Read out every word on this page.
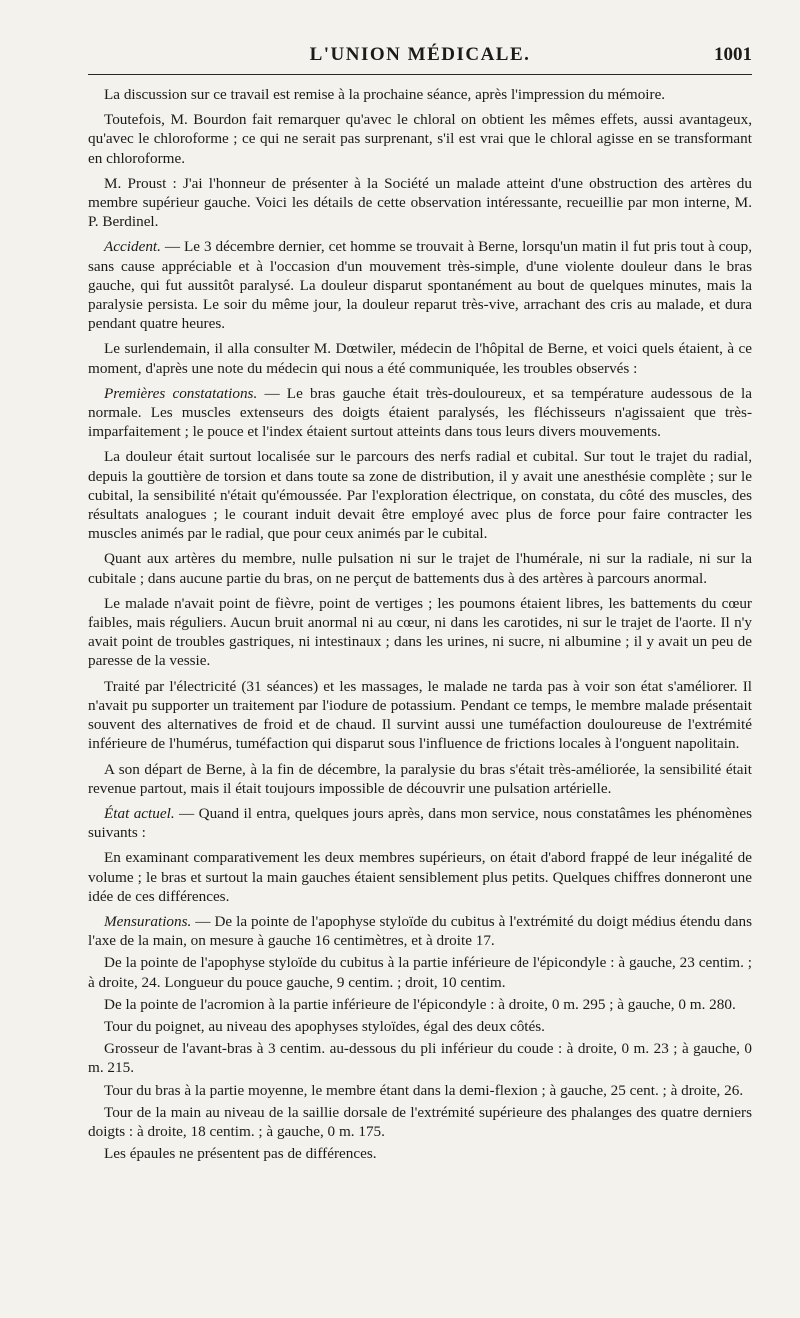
L'UNION MÉDICALE.	1001

La discussion sur ce travail est remise à la prochaine séance, après l'impression du mémoire.

Toutefois, M. Bourdon fait remarquer qu'avec le chloral on obtient les mêmes effets, aussi avantageux, qu'avec le chloroforme ; ce qui ne serait pas surprenant, s'il est vrai que le chloral agisse en se transformant en chloroforme.

M. Proust : J'ai l'honneur de présenter à la Société un malade atteint d'une obstruction des artères du membre supérieur gauche. Voici les détails de cette observation intéressante, recueillie par mon interne, M. P. Berdinel.

Accident. — Le 3 décembre dernier, cet homme se trouvait à Berne, lorsqu'un matin il fut pris tout à coup, sans cause appréciable et à l'occasion d'un mouvement très-simple, d'une violente douleur dans le bras gauche, qui fut aussitôt paralysé. La douleur disparut spontanément au bout de quelques minutes, mais la paralysie persista. Le soir du même jour, la douleur reparut très-vive, arrachant des cris au malade, et dura pendant quatre heures.

Le surlendemain, il alla consulter M. Dœtwiler, médecin de l'hôpital de Berne, et voici quels étaient, à ce moment, d'après une note du médecin qui nous a été communiquée, les troubles observés :

Premières constatations. — Le bras gauche était très-douloureux, et sa température audessous de la normale. Les muscles extenseurs des doigts étaient paralysés, les fléchisseurs n'agissaient que très-imparfaitement ; le pouce et l'index étaient surtout atteints dans tous leurs divers mouvements.

La douleur était surtout localisée sur le parcours des nerfs radial et cubital. Sur tout le trajet du radial, depuis la gouttière de torsion et dans toute sa zone de distribution, il y avait une anesthésie complète ; sur le cubital, la sensibilité n'était qu'émoussée. Par l'exploration électrique, on constata, du côté des muscles, des résultats analogues ; le courant induit devait être employé avec plus de force pour faire contracter les muscles animés par le radial, que pour ceux animés par le cubital.

Quant aux artères du membre, nulle pulsation ni sur le trajet de l'humérale, ni sur la radiale, ni sur la cubitale ; dans aucune partie du bras, on ne perçut de battements dus à des artères à parcours anormal.

Le malade n'avait point de fièvre, point de vertiges ; les poumons étaient libres, les battements du cœur faibles, mais réguliers. Aucun bruit anormal ni au cœur, ni dans les carotides, ni sur le trajet de l'aorte. Il n'y avait point de troubles gastriques, ni intestinaux ; dans les urines, ni sucre, ni albumine ; il y avait un peu de paresse de la vessie.

Traité par l'électricité (31 séances) et les massages, le malade ne tarda pas à voir son état s'améliorer. Il n'avait pu supporter un traitement par l'iodure de potassium. Pendant ce temps, le membre malade présentait souvent des alternatives de froid et de chaud. Il survint aussi une tuméfaction douloureuse de l'extrémité inférieure de l'humérus, tuméfaction qui disparut sous l'influence de frictions locales à l'onguent napolitain.

A son départ de Berne, à la fin de décembre, la paralysie du bras s'était très-améliorée, la sensibilité était revenue partout, mais il était toujours impossible de découvrir une pulsation artérielle.

État actuel. — Quand il entra, quelques jours après, dans mon service, nous constatâmes les phénomènes suivants :

En examinant comparativement les deux membres supérieurs, on était d'abord frappé de leur inégalité de volume ; le bras et surtout la main gauches étaient sensiblement plus petits. Quelques chiffres donneront une idée de ces différences.

Mensurations. — De la pointe de l'apophyse styloïde du cubitus à l'extrémité du doigt médius étendu dans l'axe de la main, on mesure à gauche 16 centimètres, et à droite 17.

De la pointe de l'apophyse styloïde du cubitus à la partie inférieure de l'épicondyle : à gauche, 23 centim. ; à droite, 24. Longueur du pouce gauche, 9 centim. ; droit, 10 centim.

De la pointe de l'acromion à la partie inférieure de l'épicondyle : à droite, 0 m. 295 ; à gauche, 0 m. 280.

Tour du poignet, au niveau des apophyses styloïdes, égal des deux côtés.

Grosseur de l'avant-bras à 3 centim. au-dessous du pli inférieur du coude : à droite, 0 m. 23 ; à gauche, 0 m. 215.

Tour du bras à la partie moyenne, le membre étant dans la demi-flexion ; à gauche, 25 cent. ; à droite, 26.

Tour de la main au niveau de la saillie dorsale de l'extrémité supérieure des phalanges des quatre derniers doigts : à droite, 18 centim. ; à gauche, 0 m. 175.

Les épaules ne présentent pas de différences.
